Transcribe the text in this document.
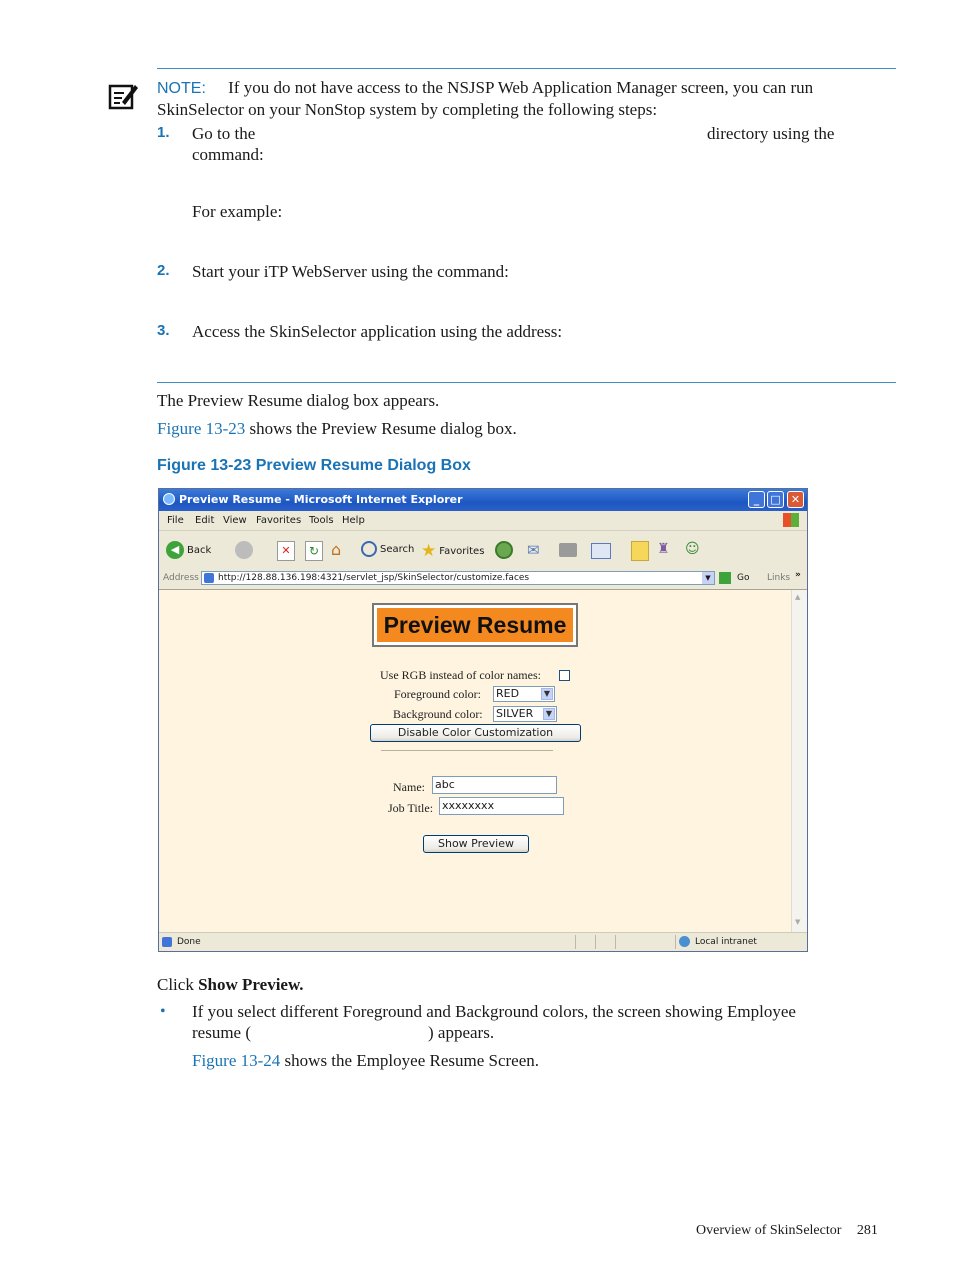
NOTE: If you do not have access to the NSJSP Web Application Manager screen, you can run
SkinSelector on your NonStop system by completing the following steps:
1. Go to the	directory using the
command:
For example:
2. Start your iTP WebServer using the command:
3. Access the SkinSelector application using the address:
The Preview Resume dialog box appears.
Figure 13-23 shows the Preview Resume dialog box.
Figure 13-23 Preview Resume Dialog Box
Preview Resume - Microsoft Internet Explorer	_	□ ✕
File Edit View Favorites Tools Help
◀ Back	✕	↻ ⌂	Search ★ Favorites	✉	♜ ☺
Address	http://128.88.136.198:4321/servlet_jsp/SkinSelector/customize.faces	▼	Go Links »
Preview Resume
Use RGB instead of color names:
Foreground color: RED	▼
Background color: SILVER	▼
Disable Color Customization
Name: abc
Job Title: xxxxxxxx
Show Preview
▲
▼
Done	Local intranet
Click Show Preview.
• If you select different Foreground and Background colors, the screen showing Employee
resume (	) appears.
Figure 13-24 shows the Employee Resume Screen.
Overview of SkinSelector 281
